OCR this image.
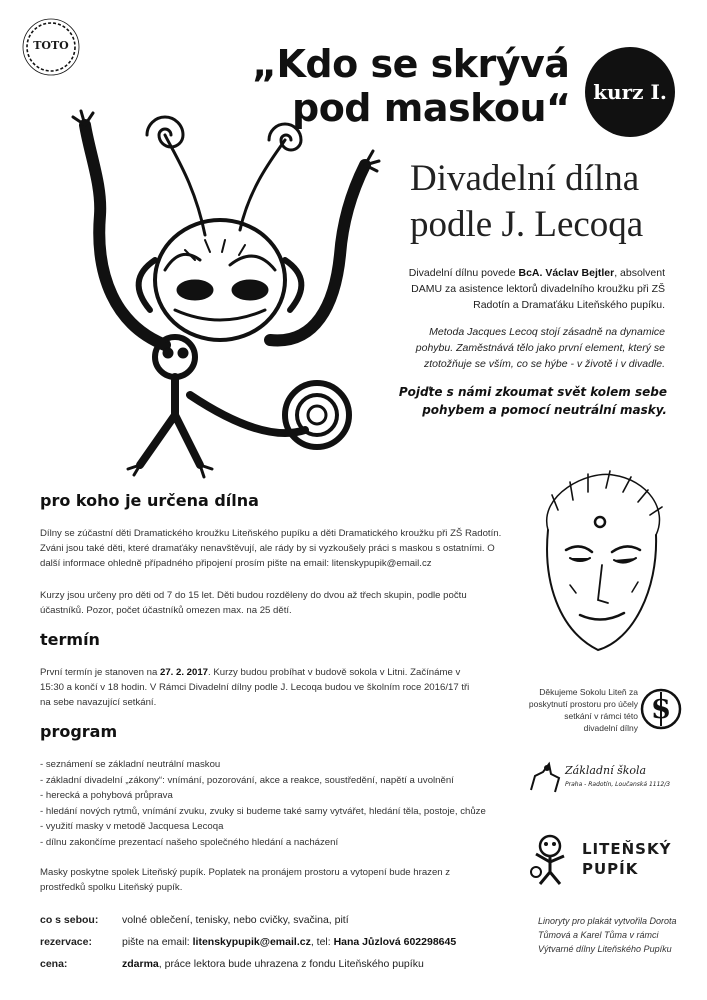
TOTO	„Kdo se skrývá
pod maskou“	kurz I.
Divadelní dílna
podle J. Lecoqa
Divadelní dílnu povede BcA. Václav Bejtler, absolvent DAMU za asistence lektorů divadelního kroužku při ZŠ Radotín a Dramaťáku Liteňského pupíku.
Metoda Jacques Lecoq stojí zásadně na dynamice pohybu. Zaměstnává tělo jako první element, který se ztotožňuje se vším, co se hýbe - v životě i v divadle.
Pojďte s námi zkoumat svět kolem sebe pohybem a pomocí neutrální masky.
pro koho je určena dílna
Dílny se zúčastní děti Dramatického kroužku Liteňského pupíku a děti Dramatického kroužku při ZŠ Radotín. Zváni jsou také děti, které dramaťáky nenavštěvují, ale rády by si vyzkoušely práci s maskou s ostatními. O další informace ohledně případného připojení prosím pište na email: litenskypupik@email.cz
Kurzy jsou určeny pro děti od 7 do 15 let. Děti budou rozděleny do dvou až třech skupin, podle počtu účastníků. Pozor, počet účastníků omezen max. na 25 dětí.
termín
První termín je stanoven na 27. 2. 2017. Kurzy budou probíhat v budově sokola v Litni. Začínáme v 15:30 a končí v 18 hodin. V Rámci Divadelní dílny podle J. Lecoqa budou ve školním roce 2016/17 tři na sebe navazující setkání.
program
- seznámení se základní neutrální maskou
- základní divadelní „zákony“: vnímání, pozorování, akce a reakce, soustředění, napětí a uvolnění
- herecká a pohybová průprava
- hledání nových rytmů, vnímání zvuku, zvuky si budeme také samy vytvářet, hledání těla, postoje, chůze
- využití masky v metodě Jacquesa Lecoqa
- dílnu zakončíme prezentací našeho společného hledání a nacházení
Masky poskytne spolek Liteňský pupík. Poplatek na pronájem prostoru a vytopení bude hrazen z prostředků spolku Liteňský pupík.
co s sebou:	volné oblečení, tenisky, nebo cvičky, svačina, pití
rezervace:	pište na email: litenskypupik@email.cz, tel: Hana Jůzlová 602298645
cena:	zdarma, práce lektora bude uhrazena z fondu Liteňského pupíku
Děkujeme Sokolu Liteň za poskytnutí prostoru pro účely setkání v rámci této divadelní dílny
S
Základní škola
Praha - Radotín, Loučanská 1112/3
LITEŇSKÝ
PUPÍK
Linoryty pro plakát vytvořila Dorota Tůmová a Karel Tůma v rámci Výtvarné dílny Liteňského Pupíku
